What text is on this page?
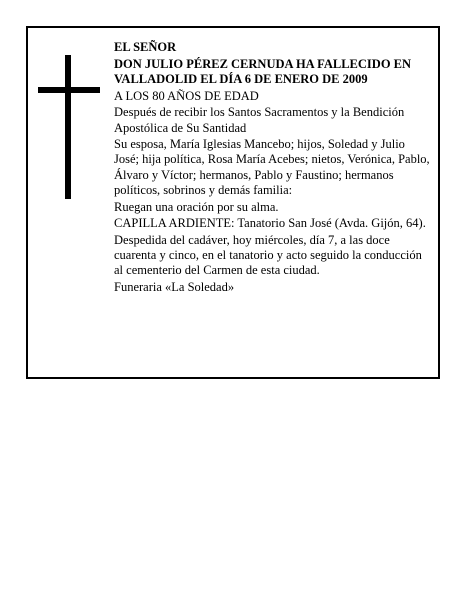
EL SEÑOR

DON JULIO PÉREZ CERNUDA HA FALLECIDO EN VALLADOLID EL DÍA 6 DE ENERO DE 2009

A LOS 80 AÑOS DE EDAD

Después de recibir los Santos Sacramentos y la Bendición Apostólica de Su Santidad

Su esposa, María Iglesias Mancebo; hijos, Soledad y Julio José; hija política, Rosa María Acebes; nietos, Verónica, Pablo, Álvaro y Víctor; hermanos, Pablo y Faustino; hermanos políticos, sobrinos y demás familia:

Ruegan una oración por su alma.

CAPILLA ARDIENTE: Tanatorio San José (Avda. Gijón, 64).

Despedida del cadáver, hoy miércoles, día 7, a las doce cuarenta y cinco, en el tanatorio y acto seguido la conducción al cementerio del Carmen de esta ciudad.

Funeraria «La Soledad»
